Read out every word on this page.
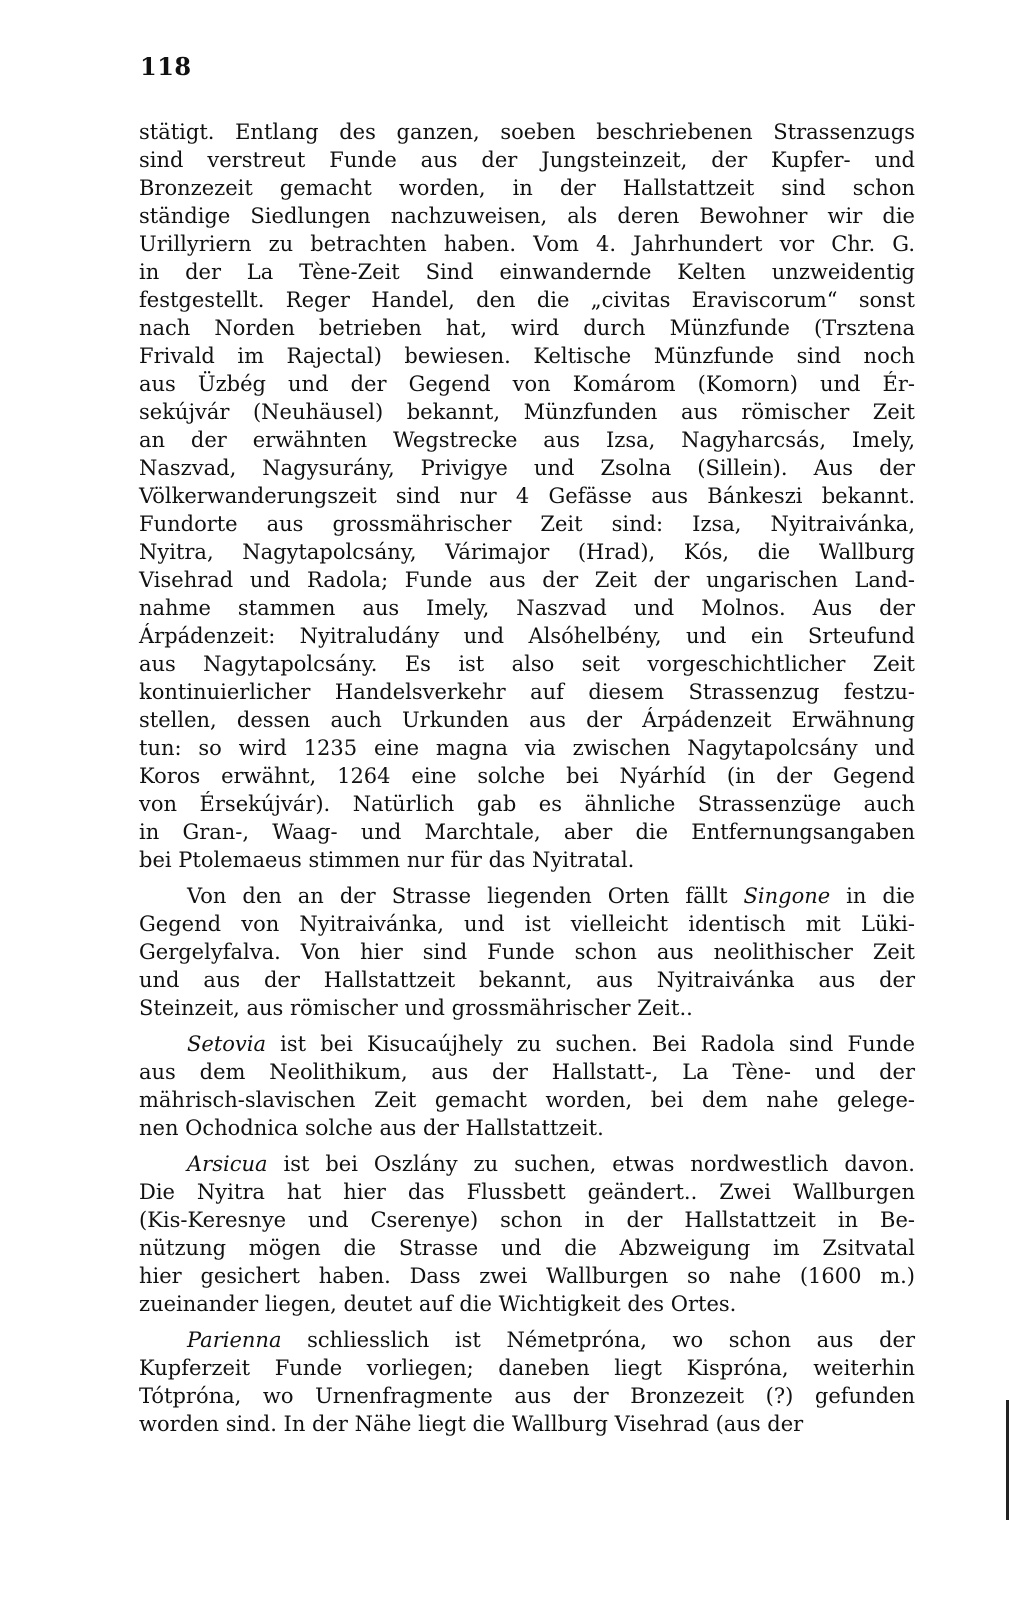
118
stätigt. Entlang des ganzen, soeben beschriebenen Strassenzugs
sind verstreut Funde aus der Jungsteinzeit, der Kupfer- und
Bronzezeit gemacht worden, in der Hallstattzeit sind schon
ständige Siedlungen nachzuweisen, als deren Bewohner wir die
Urillyriern zu betrachten haben. Vom 4. Jahrhundert vor Chr. G.
in der La Tène-Zeit Sind einwandernde Kelten unzweidentig
festgestellt. Reger Handel, den die „civitas Eraviscorum“ sonst
nach Norden betrieben hat, wird durch Münzfunde (Trsztena
Frivald im Rajectal) bewiesen. Keltische Münzfunde sind noch
aus Üzbég und der Gegend von Komárom (Komorn) und Ér-
sekújvár (Neuhäusel) bekannt, Münzfunden aus römischer Zeit
an der erwähnten Wegstrecke aus Izsa, Nagyharcsás, Imely,
Naszvad, Nagysurány, Privigye und Zsolna (Sillein). Aus der
Völkerwanderungszeit sind nur 4 Gefässe aus Bánkeszi bekannt.
Fundorte aus grossmährischer Zeit sind: Izsa, Nyitraivánka,
Nyitra, Nagytapolcsány, Várimajor (Hrad), Kós, die Wallburg
Visehrad und Radola; Funde aus der Zeit der ungarischen Land-
nahme stammen aus Imely, Naszvad und Molnos. Aus der
Árpádenzeit: Nyitraludány und Alsóhelbény, und ein Srteufund
aus Nagytapolcsány. Es ist also seit vorgeschichtlicher Zeit
kontinuierlicher Handelsverkehr auf diesem Strassenzug festzu-
stellen, dessen auch Urkunden aus der Árpádenzeit Erwähnung
tun: so wird 1235 eine magna via zwischen Nagytapolcsány und
Koros erwähnt, 1264 eine solche bei Nyárhíd (in der Gegend
von Érsekújvár). Natürlich gab es ähnliche Strassenzüge auch
in Gran-, Waag- und Marchtale, aber die Entfernungsangaben
bei Ptolemaeus stimmen nur für das Nyitratal.
Von den an der Strasse liegenden Orten fällt Singone in die
Gegend von Nyitraivánka, und ist vielleicht identisch mit Lüki-
Gergelyfalva. Von hier sind Funde schon aus neolithischer Zeit
und aus der Hallstattzeit bekannt, aus Nyitraivánka aus der
Steinzeit, aus römischer und grossmährischer Zeit..
Setovia ist bei Kisucaújhely zu suchen. Bei Radola sind Funde
aus dem Neolithikum, aus der Hallstatt-, La Tène- und der
mährisch-slavischen Zeit gemacht worden, bei dem nahe gelege-
nen Ochodnica solche aus der Hallstattzeit.
Arsicua ist bei Oszlány zu suchen, etwas nordwestlich davon.
Die Nyitra hat hier das Flussbett geändert.. Zwei Wallburgen
(Kis-Keresnye und Cserenye) schon in der Hallstattzeit in Be-
nützung mögen die Strasse und die Abzweigung im Zsitvatal
hier gesichert haben. Dass zwei Wallburgen so nahe (1600 m.)
zueinander liegen, deutet auf die Wichtigkeit des Ortes.
Parienna schliesslich ist Németpróna, wo schon aus der
Kupferzeit Funde vorliegen; daneben liegt Kispróna, weiterhin
Tótpróna, wo Urnenfragmente aus der Bronzezeit (?) gefunden
worden sind. In der Nähe liegt die Wallburg Visehrad (aus der
